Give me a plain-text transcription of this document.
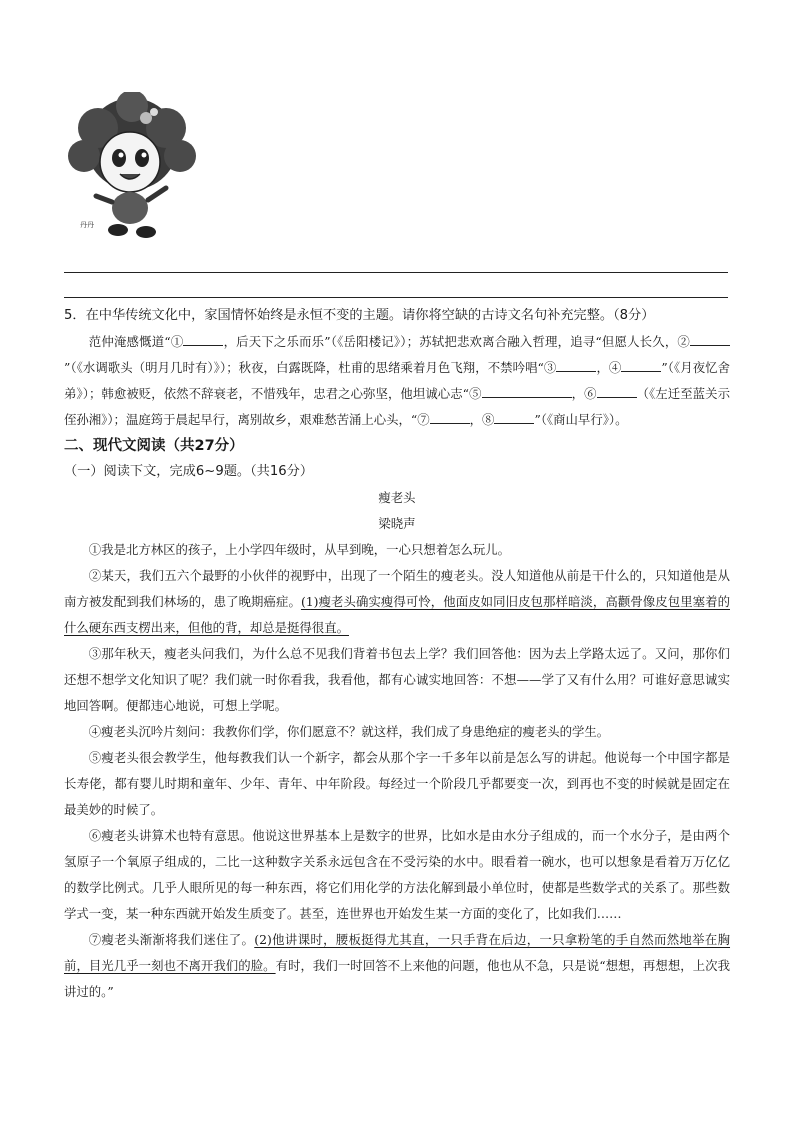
丹丹

5．在中华传统文化中，家国情怀始终是永恒不变的主题。请你将空缺的古诗文名句补充完整。（8分）

范仲淹感慨道“①	，后天下之乐而乐”（《岳阳楼记》）；苏轼把悲欢离合融入哲理，追寻“但愿人长久，②”（《水调歌头（明月几时有）》）；秋夜，白露既降，杜甫的思绪乘着月色飞翔，不禁吟唱“③	，④	”（《月夜忆舍弟》）；韩愈被贬，依然不辞衰老，不惜残年，忠君之心弥坚，他坦诚心志“⑤	，⑥	（《左迁至蓝关示侄孙湘》）；温庭筠于晨起早行，离别故乡，艰难愁苦涌上心头，“⑦	，⑧	”（《商山早行》）。

二、现代文阅读（共27分）

（一）阅读下文，完成6~9题。（共16分）

瘦老头

梁晓声

①我是北方林区的孩子，上小学四年级时，从早到晚，一心只想着怎么玩儿。

②某天，我们五六个最野的小伙伴的视野中，出现了一个陌生的瘦老头。没人知道他从前是干什么的，只知道他是从南方被发配到我们林场的，患了晚期癌症。(1)瘦老头确实瘦得可怜，他面皮如同旧皮包那样暗淡，高颧骨像皮包里塞着的什么硬东西支楞出来，但他的背，却总是挺得很直。

③那年秋天，瘦老头问我们，为什么总不见我们背着书包去上学？我们回答他：因为去上学路太远了。又问，那你们还想不想学文化知识了呢？我们就一时你看我，我看他，都有心诚实地回答：不想——学了又有什么用？可谁好意思诚实地回答啊。便都违心地说，可想上学呢。

④瘦老头沉吟片刻问：我教你们学，你们愿意不？就这样，我们成了身患绝症的瘦老头的学生。

⑤瘦老头很会教学生，他每教我们认一个新字，都会从那个字一千多年以前是怎么写的讲起。他说每一个中国字都是长寿佬，都有婴儿时期和童年、少年、青年、中年阶段。每经过一个阶段几乎都要变一次，到再也不变的时候就是固定在最美妙的时候了。

⑥瘦老头讲算术也特有意思。他说这世界基本上是数字的世界，比如水是由水分子组成的，而一个水分子，是由两个氢原子一个氧原子组成的，二比一这种数字关系永远包含在不受污染的水中。眼看着一碗水，也可以想象是看着万万亿亿的数学比例式。几乎人眼所见的每一种东西，将它们用化学的方法化解到最小单位时，使都是些数学式的关系了。那些数学式一变，某一种东西就开始发生质变了。甚至，连世界也开始发生某一方面的变化了，比如我们……

⑦瘦老头渐渐将我们迷住了。(2)他讲课时，腰板挺得尤其直，一只手背在后边，一只拿粉笔的手自然而然地举在胸前，目光几乎一刻也不离开我们的脸。有时，我们一时回答不上来他的问题，他也从不急，只是说“想想，再想想，上次我讲过的。”
